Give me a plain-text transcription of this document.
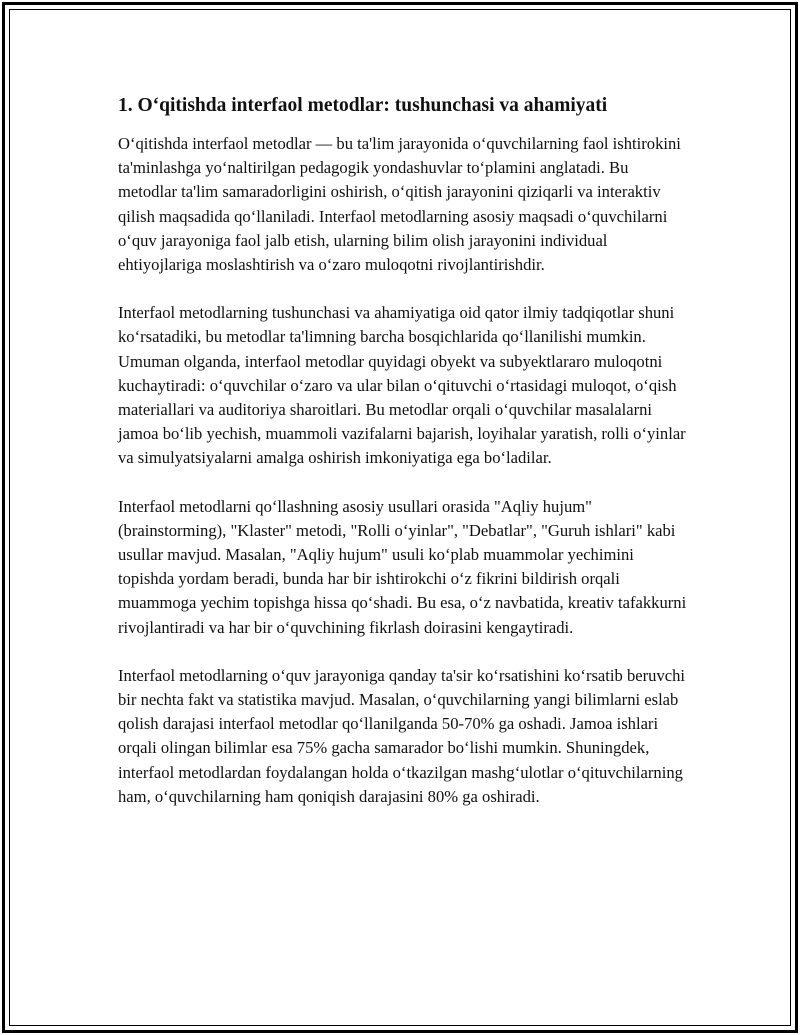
1. O‘qitishda interfaol metodlar: tushunchasi va ahamiyati

O‘qitishda interfaol metodlar — bu ta'lim jarayonida o‘quvchilarning faol ishtirokini ta'minlashga yo‘naltirilgan pedagogik yondashuvlar to‘plamini anglatadi. Bu metodlar ta'lim samaradorligini oshirish, o‘qitish jarayonini qiziqarli va interaktiv qilish maqsadida qo‘llaniladi. Interfaol metodlarning asosiy maqsadi o‘quvchilarni o‘quv jarayoniga faol jalb etish, ularning bilim olish jarayonini individual ehtiyojlariga moslashtirish va o‘zaro muloqotni rivojlantirishdir.

Interfaol metodlarning tushunchasi va ahamiyatiga oid qator ilmiy tadqiqotlar shuni ko‘rsatadiki, bu metodlar ta'limning barcha bosqichlarida qo‘llanilishi mumkin. Umuman olganda, interfaol metodlar quyidagi obyekt va subyektlararo muloqotni kuchaytiradi: o‘quvchilar o‘zaro va ular bilan o‘qituvchi o‘rtasidagi muloqot, o‘qish materiallari va auditoriya sharoitlari. Bu metodlar orqali o‘quvchilar masalalarni jamoa bo‘lib yechish, muammoli vazifalarni bajarish, loyihalar yaratish, rolli o‘yinlar va simulyatsiyalarni amalga oshirish imkoniyatiga ega bo‘ladilar.

Interfaol metodlarni qo‘llashning asosiy usullari orasida "Aqliy hujum" (brainstorming), "Klaster" metodi, "Rolli o‘yinlar", "Debatlar", "Guruh ishlari" kabi usullar mavjud. Masalan, "Aqliy hujum" usuli ko‘plab muammolar yechimini topishda yordam beradi, bunda har bir ishtirokchi o‘z fikrini bildirish orqali muammoga yechim topishga hissa qo‘shadi. Bu esa, o‘z navbatida, kreativ tafakkurni rivojlantiradi va har bir o‘quvchining fikrlash doirasini kengaytiradi.

Interfaol metodlarning o‘quv jarayoniga qanday ta'sir ko‘rsatishini ko‘rsatib beruvchi bir nechta fakt va statistika mavjud. Masalan, o‘quvchilarning yangi bilimlarni eslab qolish darajasi interfaol metodlar qo‘llanilganda 50-70% ga oshadi. Jamoa ishlari orqali olingan bilimlar esa 75% gacha samarador bo‘lishi mumkin. Shuningdek, interfaol metodlardan foydalangan holda o‘tkazilgan mashg‘ulotlar o‘qituvchilarning ham, o‘quvchilarning ham qoniqish darajasini 80% ga oshiradi.
